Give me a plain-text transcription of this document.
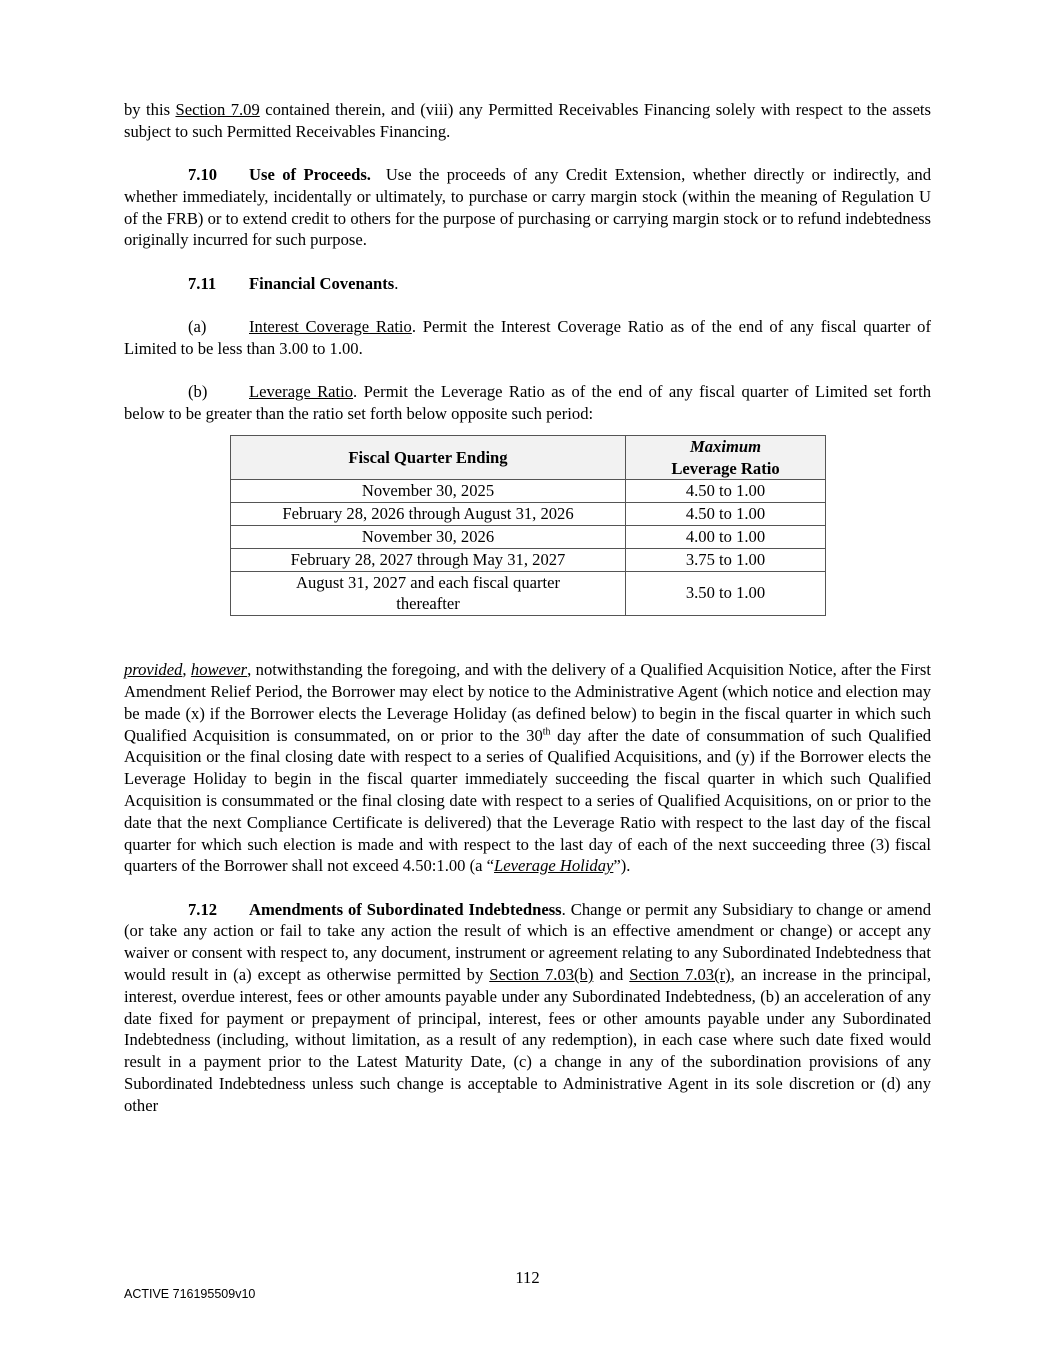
by this Section 7.09 contained therein, and (viii) any Permitted Receivables Financing solely with respect to the assets subject to such Permitted Receivables Financing.

7.10 Use of Proceeds. Use the proceeds of any Credit Extension, whether directly or indirectly, and whether immediately, incidentally or ultimately, to purchase or carry margin stock (within the meaning of Regulation U of the FRB) or to extend credit to others for the purpose of purchasing or carrying margin stock or to refund indebtedness originally incurred for such purpose.

7.11 Financial Covenants.

(a)	Interest Coverage Ratio. Permit the Interest Coverage Ratio as of the end of any fiscal quarter of Limited to be less than 3.00 to 1.00.

(b)	Leverage Ratio. Permit the Leverage Ratio as of the end of any fiscal quarter of Limited set forth below to be greater than the ratio set forth below opposite such period:

Fiscal Quarter Ending	Maximum
Leverage Ratio
November 30, 2025	4.50 to 1.00
February 28, 2026 through August 31, 2026	4.50 to 1.00
November 30, 2026	4.00 to 1.00
February 28, 2027 through May 31, 2027	3.75 to 1.00
August 31, 2027 and each fiscal quarter thereafter	3.50 to 1.00

provided, however, notwithstanding the foregoing, and with the delivery of a Qualified Acquisition Notice, after the First Amendment Relief Period, the Borrower may elect by notice to the Administrative Agent (which notice and election may be made (x) if the Borrower elects the Leverage Holiday (as defined below) to begin in the fiscal quarter in which such Qualified Acquisition is consummated, on or prior to the 30th day after the date of consummation of such Qualified Acquisition or the final closing date with respect to a series of Qualified Acquisitions, and (y) if the Borrower elects the Leverage Holiday to begin in the fiscal quarter immediately succeeding the fiscal quarter in which such Qualified Acquisition is consummated or the final closing date with respect to a series of Qualified Acquisitions, on or prior to the date that the next Compliance Certificate is delivered) that the Leverage Ratio with respect to the last day of the fiscal quarter for which such election is made and with respect to the last day of each of the next succeeding three (3) fiscal quarters of the Borrower shall not exceed 4.50:1.00 (a “Leverage Holiday”).

7.12 Amendments of Subordinated Indebtedness. Change or permit any Subsidiary to change or amend (or take any action or fail to take any action the result of which is an effective amendment or change) or accept any waiver or consent with respect to, any document, instrument or agreement relating to any Subordinated Indebtedness that would result in (a) except as otherwise permitted by Section 7.03(b) and Section 7.03(r), an increase in the principal, interest, overdue interest, fees or other amounts payable under any Subordinated Indebtedness, (b) an acceleration of any date fixed for payment or prepayment of principal, interest, fees or other amounts payable under any Subordinated Indebtedness (including, without limitation, as a result of any redemption), in each case where such date fixed would result in a payment prior to the Latest Maturity Date, (c) a change in any of the subordination provisions of any Subordinated Indebtedness unless such change is acceptable to Administrative Agent in its sole discretion or (d) any other

112
ACTIVE 716195509v10
